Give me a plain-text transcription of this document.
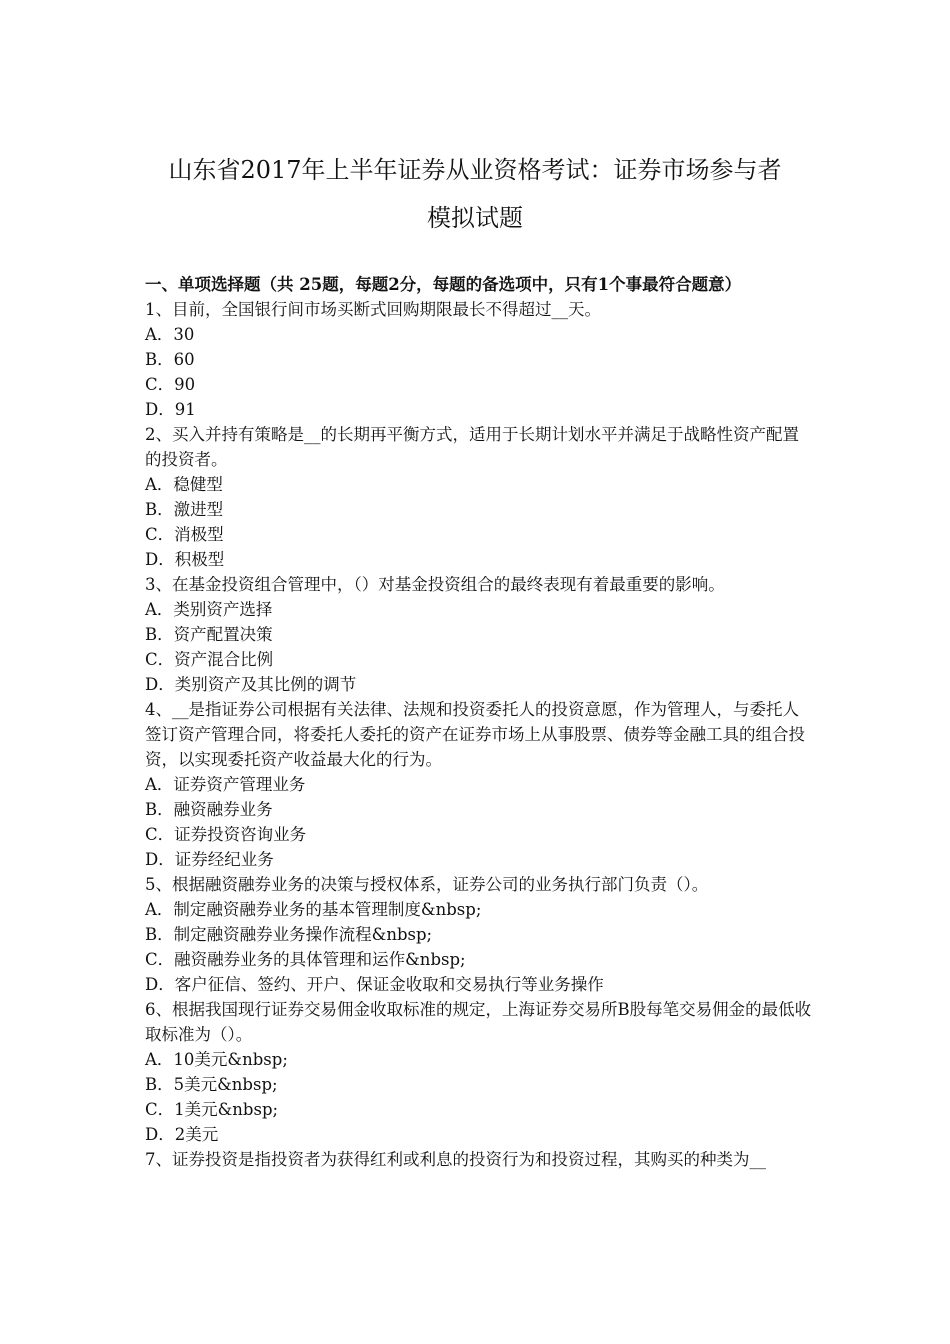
山东省2017年上半年证券从业资格考试：证券市场参与者
模拟试题

一、单项选择题（共 25题，每题2分，每题的备选项中，只有1个事最符合题意）

1、目前，全国银行间市场买断式回购期限最长不得超过__天。

A．30

B．60

C．90

D．91

2、买入并持有策略是__的长期再平衡方式，适用于长期计划水平并满足于战略性资产配置的投资者。

A．稳健型

B．激进型

C．消极型

D．积极型

3、在基金投资组合管理中，（）对基金投资组合的最终表现有着最重要的影响。

A．类别资产选择

B．资产配置决策

C．资产混合比例

D．类别资产及其比例的调节

4、__是指证券公司根据有关法律、法规和投资委托人的投资意愿，作为管理人，与委托人签订资产管理合同，将委托人委托的资产在证券市场上从事股票、债券等金融工具的组合投资，以实现委托资产收益最大化的行为。

A．证券资产管理业务

B．融资融券业务

C．证券投资咨询业务

D．证券经纪业务

5、根据融资融券业务的决策与授权体系，证券公司的业务执行部门负责（）。

A．制定融资融券业务的基本管理制度&nbsp;

B．制定融资融券业务操作流程&nbsp;

C．融资融券业务的具体管理和运作&nbsp;

D．客户征信、签约、开户、保证金收取和交易执行等业务操作

6、根据我国现行证券交易佣金收取标准的规定，上海证券交易所B股每笔交易佣金的最低收取标准为（）。

A．10美元&nbsp;

B．5美元&nbsp;

C．1美元&nbsp;

D．2美元

7、证券投资是指投资者为获得红利或利息的投资行为和投资过程，其购买的种类为__
